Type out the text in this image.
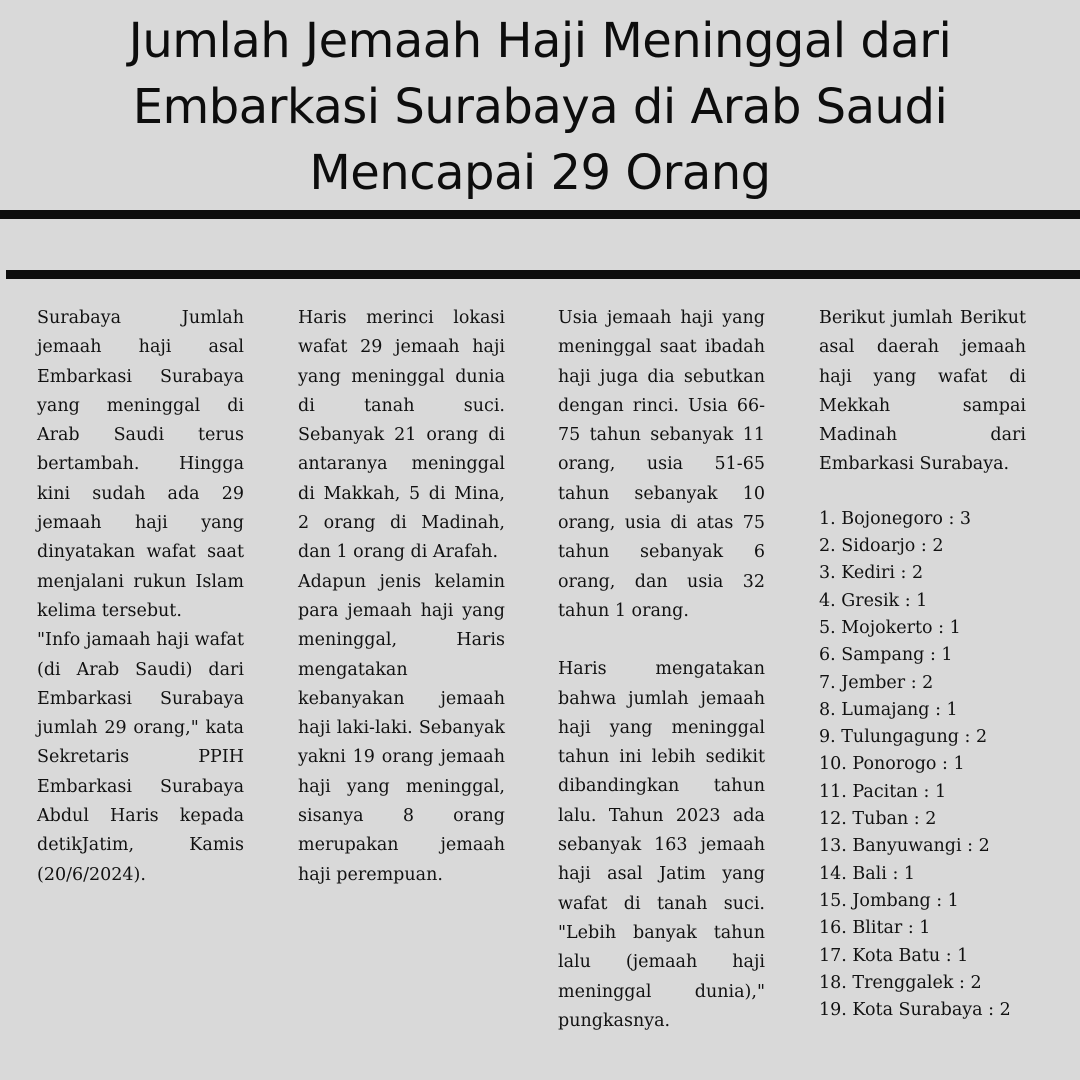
Jumlah Jemaah Haji Meninggal dari Embarkasi Surabaya di Arab Saudi Mencapai 29 Orang

Surabaya Jumlah jemaah haji asal Embarkasi Surabaya yang meninggal di Arab Saudi terus bertambah. Hingga kini sudah ada 29 jemaah haji yang dinyatakan wafat saat menjalani rukun Islam kelima tersebut.

"Info jamaah haji wafat (di Arab Saudi) dari Embarkasi Surabaya jumlah 29 orang," kata Sekretaris PPIH Embarkasi Surabaya Abdul Haris kepada detikJatim, Kamis (20/6/2024).

Haris merinci lokasi wafat 29 jemaah haji yang meninggal dunia di tanah suci. Sebanyak 21 orang di antaranya meninggal di Makkah, 5 di Mina, 2 orang di Madinah, dan 1 orang di Arafah.

Adapun jenis kelamin para jemaah haji yang meninggal, Haris mengatakan kebanyakan jemaah haji laki-laki. Sebanyak yakni 19 orang jemaah haji yang meninggal, sisanya 8 orang merupakan jemaah haji perempuan.

Usia jemaah haji yang meninggal saat ibadah haji juga dia sebutkan dengan rinci. Usia 66-75 tahun sebanyak 11 orang, usia 51-65 tahun sebanyak 10 orang, usia di atas 75 tahun sebanyak 6 orang, dan usia 32 tahun 1 orang.

Haris mengatakan bahwa jumlah jemaah haji yang meninggal tahun ini lebih sedikit dibandingkan tahun lalu. Tahun 2023 ada sebanyak 163 jemaah haji asal Jatim yang wafat di tanah suci. "Lebih banyak tahun lalu (jemaah haji meninggal dunia)," pungkasnya.

Berikut jumlah Berikut asal daerah jemaah haji yang wafat di Mekkah sampai Madinah dari Embarkasi Surabaya.

1. Bojonegoro : 3
2. Sidoarjo : 2
3. Kediri : 2
4. Gresik : 1
5. Mojokerto : 1
6. Sampang : 1
7. Jember : 2
8. Lumajang : 1
9. Tulungagung : 2
10. Ponorogo : 1
11. Pacitan : 1
12. Tuban : 2
13. Banyuwangi : 2
14. Bali : 1
15. Jombang : 1
16. Blitar : 1
17. Kota Batu : 1
18. Trenggalek : 2
19. Kota Surabaya : 2
